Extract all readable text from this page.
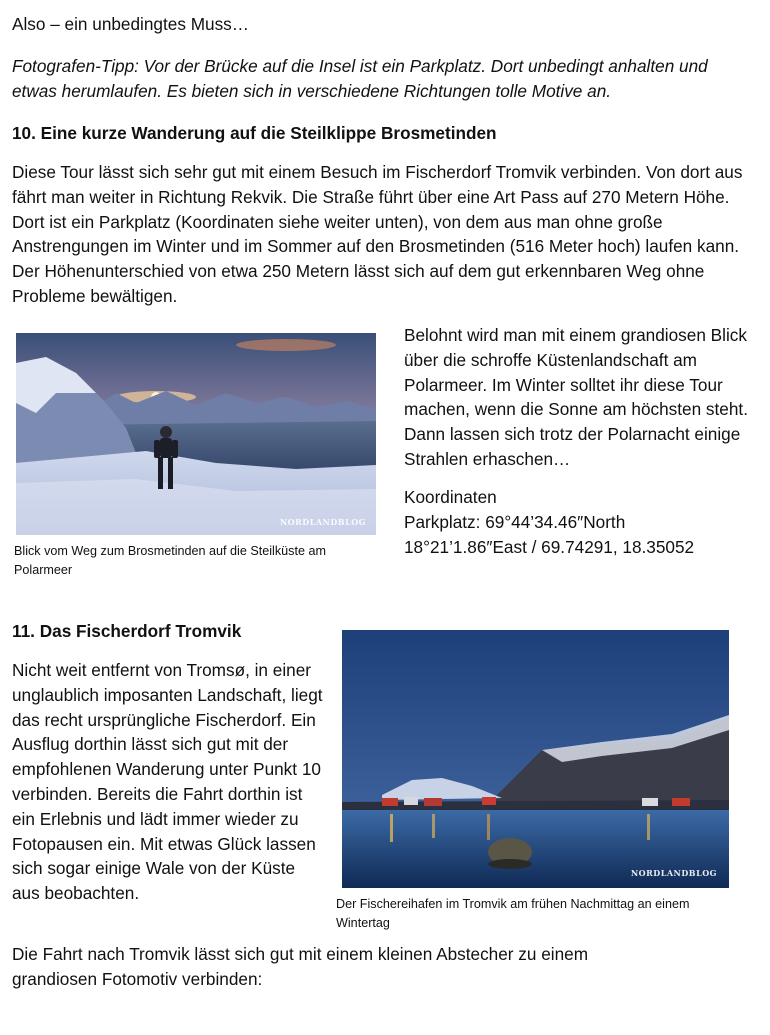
Also – ein unbedingtes Muss…
Fotografen-Tipp: Vor der Brücke auf die Insel ist ein Parkplatz. Dort unbedingt anhalten und etwas herumlaufen. Es bieten sich in verschiedene Richtungen tolle Motive an.
10. Eine kurze Wanderung auf die Steilklippe Brosmetinden
Diese Tour lässt sich sehr gut mit einem Besuch im Fischerdorf Tromvik verbinden. Von dort aus fährt man weiter in Richtung Rekvik. Die Straße führt über eine Art Pass auf 270 Metern Höhe. Dort ist ein Parkplatz (Koordinaten siehe weiter unten), von dem aus man ohne große Anstrengungen im Winter und im Sommer auf den Brosmetinden (516 Meter hoch) laufen kann. Der Höhenunterschied von etwa 250 Metern lässt sich auf dem gut erkennbaren Weg ohne Probleme bewältigen.
NORDLANDBLOG
Blick vom Weg zum Brosmetinden auf die Steilküste am Polarmeer
Belohnt wird man mit einem grandiosen Blick über die schroffe Küstenlandschaft am Polarmeer. Im Winter solltet ihr diese Tour machen, wenn die Sonne am höchsten steht. Dann lassen sich trotz der Polarnacht einige Strahlen erhaschen…
Koordinaten
Parkplatz: 69°44’34.46″North
18°21’1.86″East / 69.74291, 18.35052
11. Das Fischerdorf Tromvik
Nicht weit entfernt von Tromsø, in einer unglaublich imposanten Landschaft, liegt das recht ursprüngliche Fischerdorf. Ein Ausflug dorthin lässt sich gut mit der empfohlenen Wanderung unter Punkt 10 verbinden. Bereits die Fahrt dorthin ist ein Erlebnis und lädt immer wieder zu Fotopausen ein. Mit etwas Glück lassen sich sogar einige Wale von der Küste aus beobachten.
NORDLANDBLOG
Der Fischereihafen im Tromvik am frühen Nachmittag an einem Wintertag
Die Fahrt nach Tromvik lässt sich gut mit einem kleinen Abstecher zu einem grandiosen Fotomotiv verbinden:
